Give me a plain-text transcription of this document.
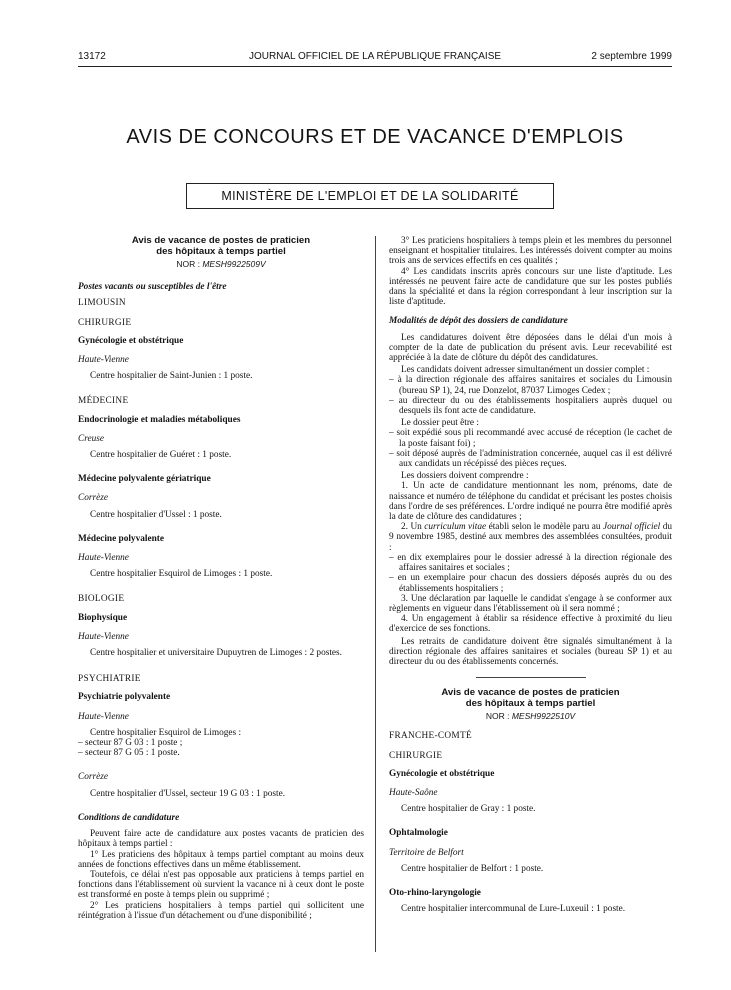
13172	JOURNAL OFFICIEL DE LA RÉPUBLIQUE FRANÇAISE	2 septembre 1999
AVIS DE CONCOURS ET DE VACANCE D'EMPLOIS
MINISTÈRE DE L'EMPLOI ET DE LA SOLIDARITÉ
Avis de vacance de postes de praticien
des hôpitaux à temps partiel
NOR : MESH9922509V

Postes vacants ou susceptibles de l'être

LIMOUSIN

CHIRURGIE

Gynécologie et obstétrique

Haute-Vienne

Centre hospitalier de Saint-Junien : 1 poste.

MÉDECINE

Endocrinologie et maladies métaboliques

Creuse

Centre hospitalier de Guéret : 1 poste.

Médecine polyvalente gériatrique

Corrèze

Centre hospitalier d'Ussel : 1 poste.

Médecine polyvalente

Haute-Vienne

Centre hospitalier Esquirol de Limoges : 1 poste.

BIOLOGIE

Biophysique

Haute-Vienne

Centre hospitalier et universitaire Dupuytren de Limoges : 2 postes.

PSYCHIATRIE

Psychiatrie polyvalente

Haute-Vienne

Centre hospitalier Esquirol de Limoges :

– secteur 87 G 03 : 1 poste ;

– secteur 87 G 05 : 1 poste.

Corrèze

Centre hospitalier d'Ussel, secteur 19 G 03 : 1 poste.

Conditions de candidature

Peuvent faire acte de candidature aux postes vacants de praticien des hôpitaux à temps partiel :

1° Les praticiens des hôpitaux à temps partiel comptant au moins deux années de fonctions effectives dans un même établissement.

Toutefois, ce délai n'est pas opposable aux praticiens à temps partiel en fonctions dans l'établissement où survient la vacance ni à ceux dont le poste est transformé en poste à temps plein ou supprimé ;

2° Les praticiens hospitaliers à temps partiel qui sollicitent une réintégration à l'issue d'un détachement ou d'une disponibilité ;

3° Les praticiens hospitaliers à temps plein et les membres du personnel enseignant et hospitalier titulaires. Les intéressés doivent compter au moins trois ans de services effectifs en ces qualités ;

4° Les candidats inscrits après concours sur une liste d'aptitude. Les intéressés ne peuvent faire acte de candidature que sur les postes publiés dans la spécialité et dans la région correspondant à leur inscription sur la liste d'aptitude.

Modalités de dépôt des dossiers de candidature

Les candidatures doivent être déposées dans le délai d'un mois à compter de la date de publication du présent avis. Leur recevabilité est appréciée à la date de clôture du dépôt des candidatures.

Les candidats doivent adresser simultanément un dossier complet :

– à la direction régionale des affaires sanitaires et sociales du Limousin (bureau SP 1), 24, rue Donzelot, 87037 Limoges Cedex ;

– au directeur du ou des établissements hospitaliers auprès duquel ou desquels ils font acte de candidature.

Le dossier peut être :

– soit expédié sous pli recommandé avec accusé de réception (le cachet de la poste faisant foi) ;

– soit déposé auprès de l'administration concernée, auquel cas il est délivré aux candidats un récépissé des pièces reçues.

Les dossiers doivent comprendre :

1. Un acte de candidature mentionnant les nom, prénoms, date de naissance et numéro de téléphone du candidat et précisant les postes choisis dans l'ordre de ses préférences. L'ordre indiqué ne pourra être modifié après la date de clôture des candidatures ;

2. Un curriculum vitae établi selon le modèle paru au Journal officiel du 9 novembre 1985, destiné aux membres des assemblées consultées, produit :

– en dix exemplaires pour le dossier adressé à la direction régionale des affaires sanitaires et sociales ;

– en un exemplaire pour chacun des dossiers déposés auprès du ou des établissements hospitaliers ;

3. Une déclaration par laquelle le candidat s'engage à se conformer aux règlements en vigueur dans l'établissement où il sera nommé ;

4. Un engagement à établir sa résidence effective à proximité du lieu d'exercice de ses fonctions.

Les retraits de candidature doivent être signalés simultanément à la direction régionale des affaires sanitaires et sociales (bureau SP 1) et au directeur du ou des établissements concernés.

Avis de vacance de postes de praticien
des hôpitaux à temps partiel
NOR : MESH9922510V

FRANCHE-COMTÉ

CHIRURGIE

Gynécologie et obstétrique

Haute-Saône

Centre hospitalier de Gray : 1 poste.

Ophtalmologie

Territoire de Belfort

Centre hospitalier de Belfort : 1 poste.

Oto-rhino-laryngologie

Centre hospitalier intercommunal de Lure-Luxeuil : 1 poste.
